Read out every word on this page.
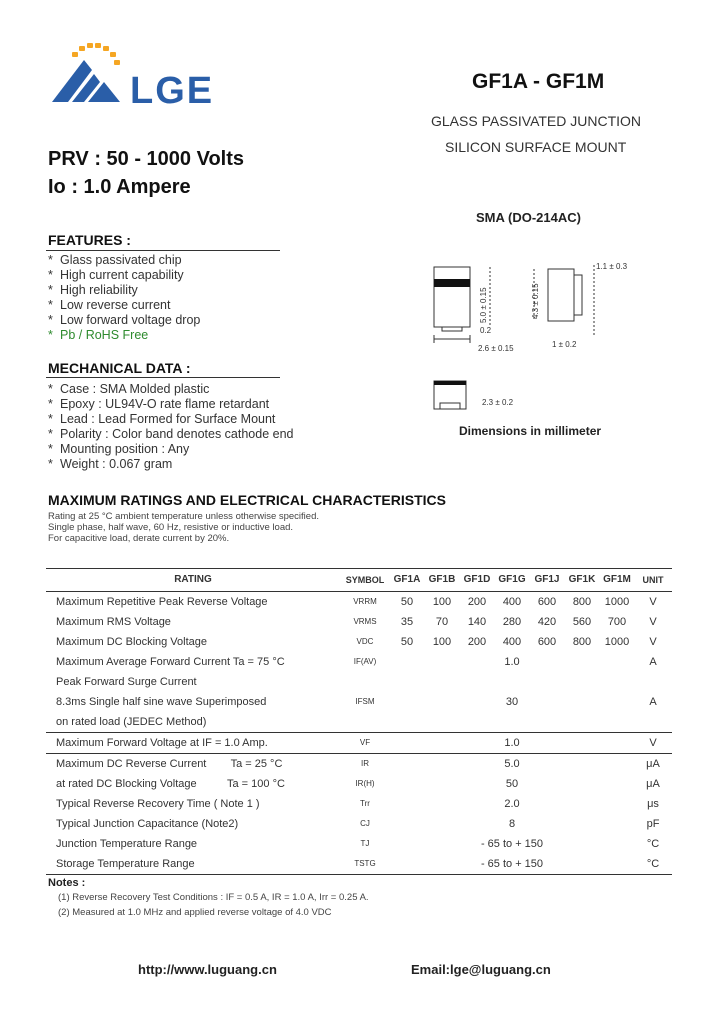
LGE	GF1A - GF1M
GLASS PASSIVATED JUNCTION
SILICON SURFACE MOUNT
PRV : 50 - 1000 Volts
Io : 1.0 Ampere
SMA (DO-214AC)
5.0 ± 0.15	4.3 ± 0.15
2.6 ± 0.15
1.1 ± 0.3
1 ± 0.2
2.3 ± 0.2
0.2
Dimensions in millimeter
FEATURES :
* Glass passivated chip
* High current capability
* High reliability
* Low reverse current
* Low forward voltage drop
* Pb / RoHS Free
MECHANICAL DATA :
* Case : SMA Molded plastic
* Epoxy : UL94V-O rate flame retardant
* Lead : Lead Formed for Surface Mount
* Polarity : Color band denotes cathode end
* Mounting position : Any
* Weight : 0.067 gram
MAXIMUM RATINGS AND ELECTRICAL CHARACTERISTICS
Rating at 25 °C ambient temperature unless otherwise specified.
Single phase, half wave, 60 Hz, resistive or inductive load.
For capacitive load, derate current by 20%.
RATING	SYMBOL	GF1A	GF1B	GF1D	GF1G	GF1J	GF1K	GF1M	UNIT
Maximum Repetitive Peak Reverse Voltage	VRRM	50	100	200	400	600	800	1000	V
Maximum RMS Voltage	VRMS	35	70	140	280	420	560	700	V
Maximum DC Blocking Voltage	VDC	50	100	200	400	600	800	1000	V
Maximum Average Forward Current Ta = 75 °C	IF(AV)	1.0							A
Peak Forward Surge Current									
8.3ms Single half sine wave Superimposed	IFSM	30							A
on rated load (JEDEC Method)									
Maximum Forward Voltage at IF = 1.0 Amp.	VF	1.0							V
Maximum DC Reverse Current        Ta = 25 °C	IR	5.0							μA
at rated DC Blocking Voltage          Ta = 100 °C	IR(H)	50							μA
Typical Reverse Recovery Time ( Note 1 )	Trr	2.0							μs
Typical Junction Capacitance (Note2)	CJ	8							pF
Junction Temperature Range	TJ	- 65 to + 150							°C
Storage Temperature Range	TSTG	- 65 to + 150							°C
Notes :
(1) Reverse Recovery Test Conditions : IF = 0.5 A, IR = 1.0 A, Irr = 0.25 A.
(2) Measured at 1.0 MHz and applied reverse voltage of 4.0 VDC
http://www.luguang.cn	Email:lge@luguang.cn
